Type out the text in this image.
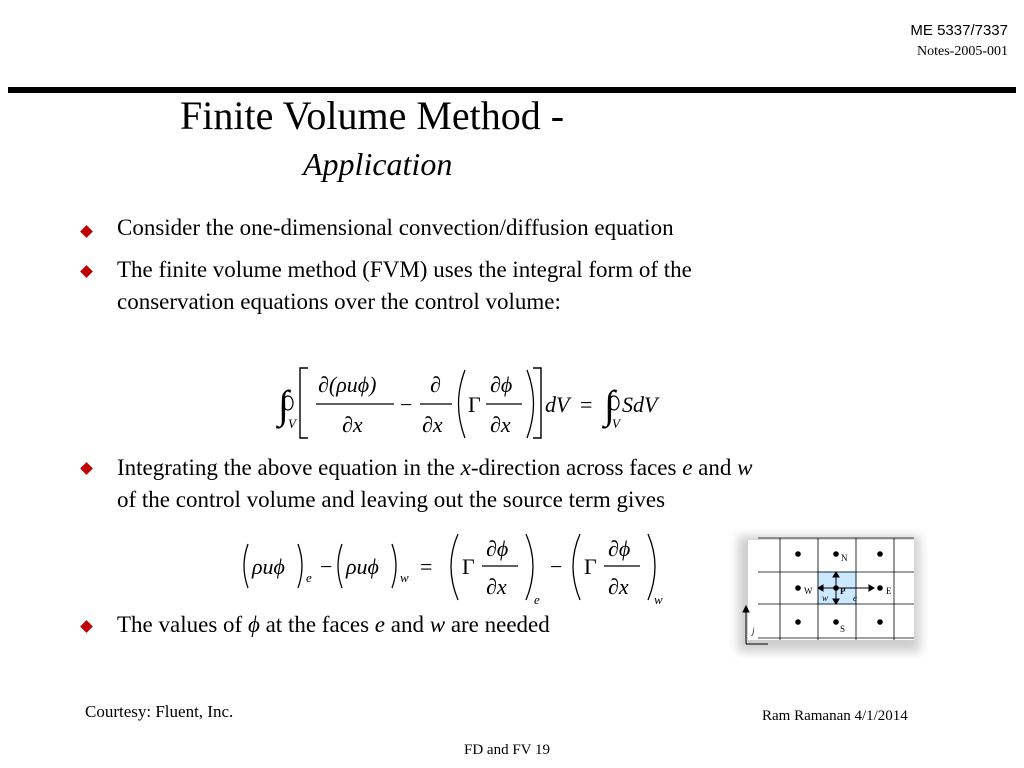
ME 5337/7337
Notes-2005-001
Finite Volume Method -
Application
Consider the one-dimensional convection/diffusion equation
The finite volume method (FVM) uses the integral form of the
conservation equations over the control volume:
∫ V
∂(ρuϕ)
∂x
−
∂
∂x
Γ
∂ϕ
∂x
dV = ∫
V
SdV
Integrating the above equation in the x-direction across faces e and w
of the control volume and leaving out the source term gives
ρuϕ e − ρuϕ w = Γ
∂ϕ
∂x
e
− Γ
∂ϕ
∂x
w
N
W	E
S
P
w	e
j
The values of ϕ at the faces e and w are needed
Courtesy: Fluent, Inc.	Ram Ramanan 4/1/2014
FD and FV 19
